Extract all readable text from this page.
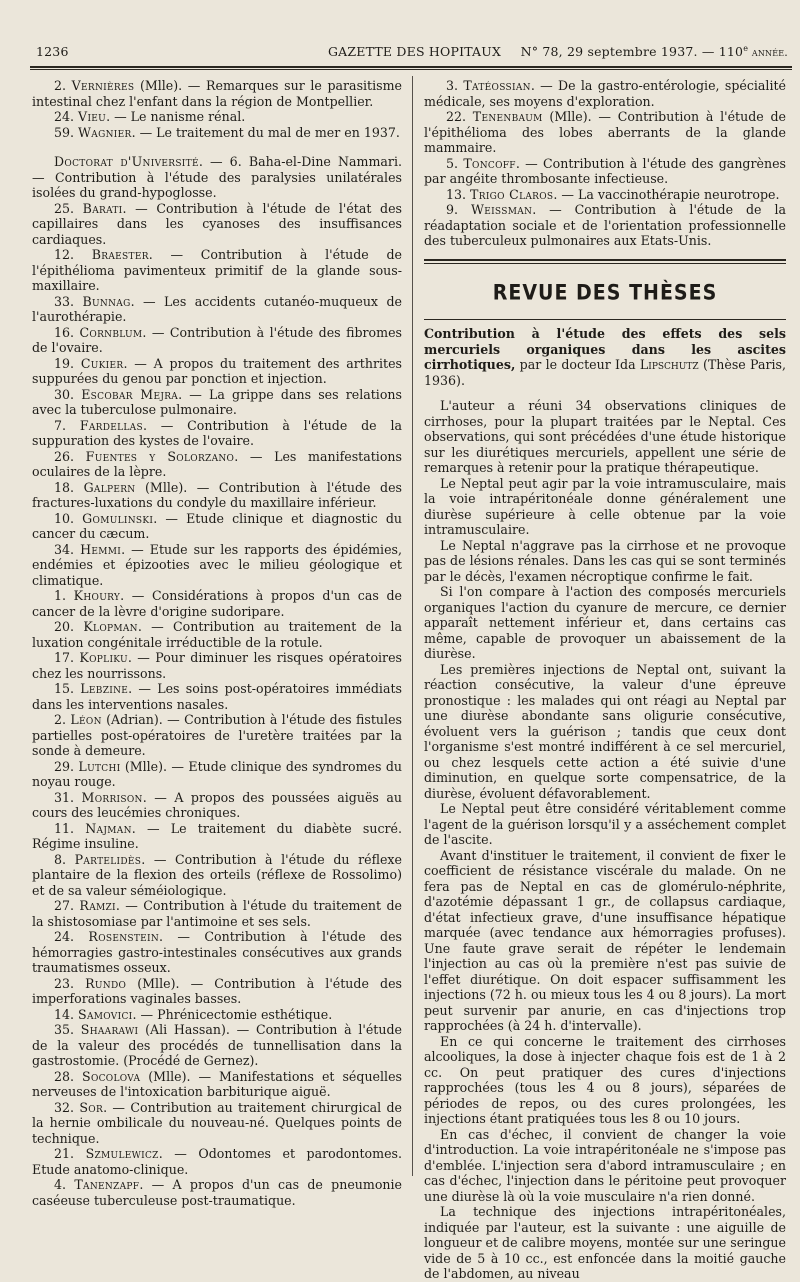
1236	GAZETTE DES HOPITAUX N° 78, 29 septembre 1937. — 110e année.

2. Vernières (Mlle). — Remarques sur le parasitisme intestinal chez l'enfant dans la région de Montpellier.

24. Vieu. — Le nanisme rénal.

59. Wagnier. — Le traitement du mal de mer en 1937.

Doctorat d'Université. — 6. Baha-el-Dine Nammari. — Contribution à l'étude des paralysies unilatérales isolées du grand-hypoglosse.

25. Barati. — Contribution à l'étude de l'état des capillaires dans les cyanoses des insuffisances cardiaques.

12. Braester. — Contribution à l'étude de l'épithélioma pavimenteux primitif de la glande sous-maxillaire.

33. Bunnag. — Les accidents cutanéo-muqueux de l'aurothérapie.

16. Cornblum. — Contribution à l'étude des fibromes de l'ovaire.

19. Cukier. — A propos du traitement des arthrites suppurées du genou par ponction et injection.

30. Escobar Mejra. — La grippe dans ses relations avec la tuberculose pulmonaire.

7. Fardellas. — Contribution à l'étude de la suppuration des kystes de l'ovaire.

26. Fuentes y Solorzano. — Les manifestations oculaires de la lèpre.

18. Galpern (Mlle). — Contribution à l'étude des fractures-luxations du condyle du maxillaire inférieur.

10. Gomulinski. — Etude clinique et diagnostic du cancer du cæcum.

34. Hemmi. — Etude sur les rapports des épidémies, endémies et épizooties avec le milieu géologique et climatique.

1. Khoury. — Considérations à propos d'un cas de cancer de la lèvre d'origine sudoripare.

20. Klopman. — Contribution au traitement de la luxation congénitale irréductible de la rotule.

17. Kopliku. — Pour diminuer les risques opératoires chez les nourrissons.

15. Lebzine. — Les soins post-opératoires immédiats dans les interventions nasales.

2. Léon (Adrian). — Contribution à l'étude des fistules partielles post-opératoires de l'uretère traitées par la sonde à demeure.

29. Lutchi (Mlle). — Etude clinique des syndromes du noyau rouge.

31. Morrison. — A propos des poussées aiguës au cours des leucémies chroniques.

11. Najman. — Le traitement du diabète sucré. Régime insuline.

8. Partelidès. — Contribution à l'étude du réflexe plantaire de la flexion des orteils (réflexe de Rossolimo) et de sa valeur séméiologique.

27. Ramzi. — Contribution à l'étude du traitement de la shistosomiase par l'antimoine et ses sels.

24. Rosenstein. — Contribution à l'étude des hémorragies gastro-intestinales consécutives aux grands traumatismes osseux.

23. Rundo (Mlle). — Contribution à l'étude des imperforations vaginales basses.

14. Samovici. — Phrénicectomie esthétique.

35. Shaarawi (Ali Hassan). — Contribution à l'étude de la valeur des procédés de tunnellisation dans la gastrostomie. (Procédé de Gernez).

28. Socolova (Mlle). — Manifestations et séquelles nerveuses de l'intoxication barbiturique aiguë.

32. Sor. — Contribution au traitement chirurgical de la hernie ombilicale du nouveau-né. Quelques points de technique.

21. Szmulewicz. — Odontomes et parodontomes. Etude anatomo-clinique.

4. Tanenzapf. — A propos d'un cas de pneumonie caséeuse tuberculeuse post-traumatique.

3. Tatéossian. — De la gastro-entérologie, spécialité médicale, ses moyens d'exploration.

22. Tenenbaum (Mlle). — Contribution à l'étude de l'épithélioma des lobes aberrants de la glande mammaire.

5. Toncoff. — Contribution à l'étude des gangrènes par angéite thrombosante infectieuse.

13. Trigo Claros. — La vaccinothérapie neurotrope.

9. Weissman. — Contribution à l'étude de la réadaptation sociale et de l'orientation professionnelle des tuberculeux pulmonaires aux Etats-Unis.

REVUE DES THÈSES

Contribution à l'étude des effets des sels mercuriels organiques dans les ascites cirrhotiques, par le docteur Ida Lipschutz (Thèse Paris, 1936).

L'auteur a réuni 34 observations cliniques de cirrhoses, pour la plupart traitées par le Neptal. Ces observations, qui sont précédées d'une étude historique sur les diurétiques mercuriels, appellent une série de remarques à retenir pour la pratique thérapeutique.

Le Neptal peut agir par la voie intramusculaire, mais la voie intrapéritonéale donne généralement une diurèse supérieure à celle obtenue par la voie intramusculaire.

Le Neptal n'aggrave pas la cirrhose et ne provoque pas de lésions rénales. Dans les cas qui se sont terminés par le décès, l'examen nécroptique confirme le fait.

Si l'on compare à l'action des composés mercuriels organiques l'action du cyanure de mercure, ce dernier apparaît nettement inférieur et, dans certains cas même, capable de provoquer un abaissement de la diurèse.

Les premières injections de Neptal ont, suivant la réaction consécutive, la valeur d'une épreuve pronostique : les malades qui ont réagi au Neptal par une diurèse abondante sans oligurie consécutive, évoluent vers la guérison ; tandis que ceux dont l'organisme s'est montré indifférent à ce sel mercuriel, ou chez lesquels cette action a été suivie d'une diminution, en quelque sorte compensatrice, de la diurèse, évoluent défavorablement.

Le Neptal peut être considéré véritablement comme l'agent de la guérison lorsqu'il y a asséchement complet de l'ascite.

Avant d'instituer le traitement, il convient de fixer le coefficient de résistance viscérale du malade. On ne fera pas de Neptal en cas de glomérulo-néphrite, d'azotémie dépassant 1 gr., de collapsus cardiaque, d'état infectieux grave, d'une insuffisance hépatique marquée (avec tendance aux hémorragies profuses). Une faute grave serait de répéter le lendemain l'injection au cas où la première n'est pas suivie de l'effet diurétique. On doit espacer suffisamment les injections (72 h. ou mieux tous les 4 ou 8 jours). La mort peut survenir par anurie, en cas d'injections trop rapprochées (à 24 h. d'intervalle).

En ce qui concerne le traitement des cirrhoses alcooliques, la dose à injecter chaque fois est de 1 à 2 cc. On peut pratiquer des cures d'injections rapprochées (tous les 4 ou 8 jours), séparées de périodes de repos, ou des cures prolongées, les injections étant pratiquées tous les 8 ou 10 jours.

En cas d'échec, il convient de changer la voie d'introduction. La voie intrapéritonéale ne s'impose pas d'emblée. L'injection sera d'abord intramusculaire ; en cas d'échec, l'injection dans le péritoine peut provoquer une diurèse là où la voie musculaire n'a rien donné.

La technique des injections intrapéritonéales, indiquée par l'auteur, est la suivante : une aiguille de longueur et de calibre moyens, montée sur une seringue vide de 5 à 10 cc., est enfoncée dans la moitié gauche de l'abdomen, au niveau
